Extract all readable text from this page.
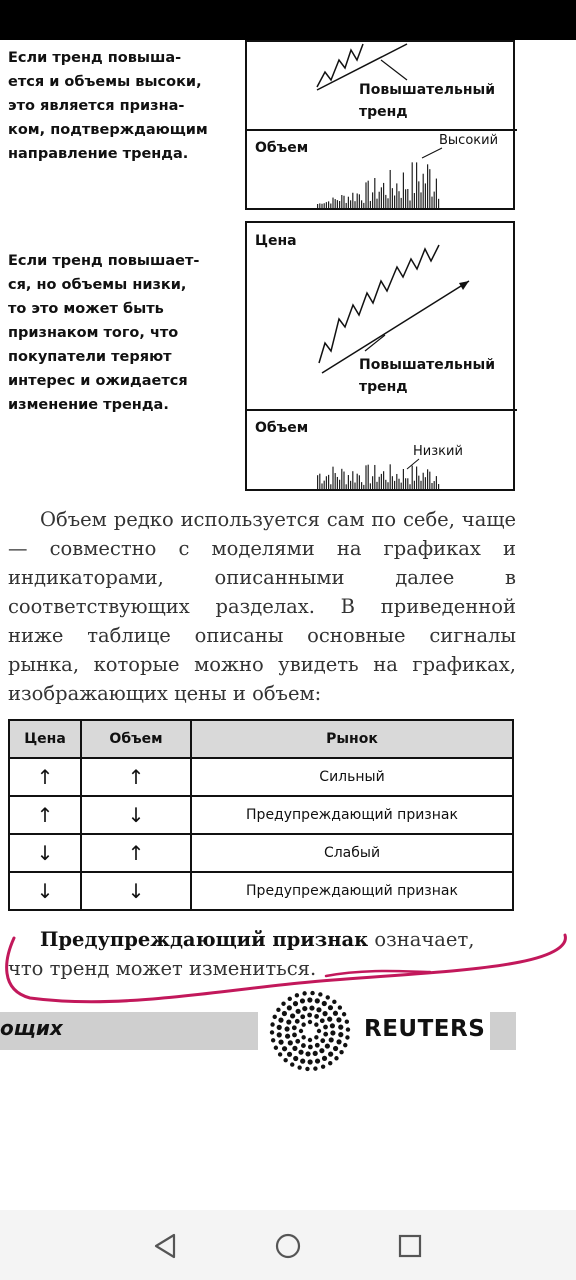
Если тренд повыша-
ется и объемы высоки,
это является призна-
ком, подтверждающим
направление тренда.
Повышательный
тренд
Объем	Высокий
Если тренд повышает-
ся, но объемы низки,
то это может быть
признаком того, что
покупатели теряют
интерес и ожидается
изменение тренда.
Цена
Повышательный
тренд
Объем
Низкий
Объем редко используется сам по себе, чаще — совместно с моделями на графиках и индикаторами, описанными далее в соответствующих разделах. В приведенной ниже таблице описаны основные сигналы рынка, которые можно увидеть на графиках, изображающих цены и объем:
Цена	Объем	Рынок
↑	↑	Сильный
↑	↓	Предупреждающий признак
↓	↑	Слабый
↓	↓	Предупреждающий признак
Предупреждающий признак означает, что тренд может измениться.
ощих	REUTERS
